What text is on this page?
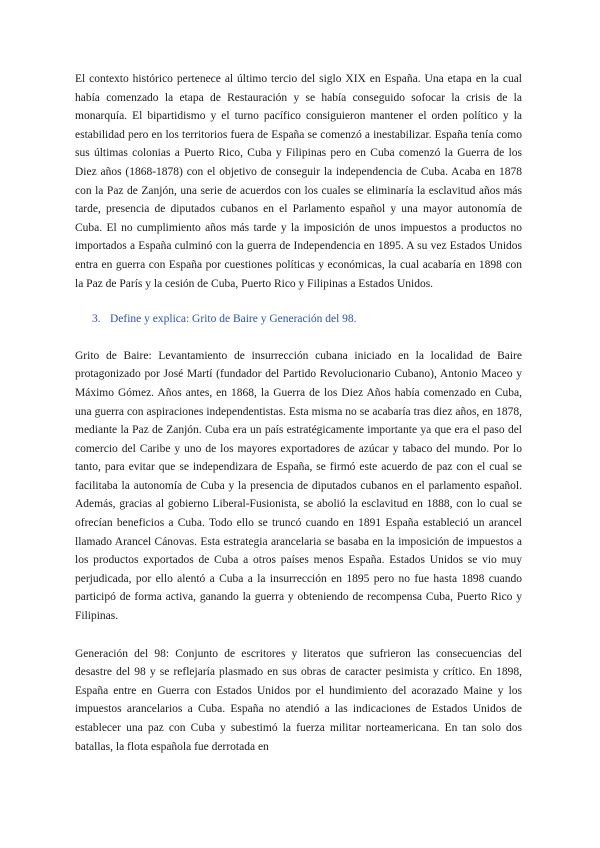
El contexto histórico pertenece al último tercio del siglo XIX en España. Una etapa en la cual había comenzado la etapa de Restauración y se había conseguido sofocar la crisis de la monarquía. El bipartidismo y el turno pacífico consiguieron mantener el orden político y la estabilidad pero en los territorios fuera de España se comenzó a inestabilizar. España tenía como sus últimas colonias a Puerto Rico, Cuba y Filipinas pero en Cuba comenzó la Guerra de los Diez años (1868-1878) con el objetivo de conseguir la independencia de Cuba. Acaba en 1878 con la Paz de Zanjón, una serie de acuerdos con los cuales se eliminaría la esclavitud años más tarde, presencia de diputados cubanos en el Parlamento español y una mayor autonomía de Cuba. El no cumplimiento años más tarde y la imposición de unos impuestos a productos no importados a España culminó con la guerra de Independencia en 1895. A su vez Estados Unidos entra en guerra con España por cuestiones políticas y económicas, la cual acabaría en 1898 con la Paz de París y la cesión de Cuba, Puerto Rico y Filipinas a Estados Unidos.

3. Define y explica: Grito de Baire y Generación del 98.

Grito de Baire: Levantamiento de insurrección cubana iniciado en la localidad de Baire protagonizado por José Martí (fundador del Partido Revolucionario Cubano), Antonio Maceo y Máximo Gómez. Años antes, en 1868, la Guerra de los Diez Años había comenzado en Cuba, una guerra con aspiraciones independentistas. Esta misma no se acabaría tras diez años, en 1878, mediante la Paz de Zanjón. Cuba era un país estratégicamente importante ya que era el paso del comercio del Caribe y uno de los mayores exportadores de azúcar y tabaco del mundo. Por lo tanto, para evitar que se independizara de España, se firmó este acuerdo de paz con el cual se facilitaba la autonomía de Cuba y la presencia de diputados cubanos en el parlamento español. Además, gracias al gobierno Liberal-Fusionista, se abolió la esclavitud en 1888, con lo cual se ofrecían beneficios a Cuba. Todo ello se truncó cuando en 1891 España estableció un arancel llamado Arancel Cánovas. Esta estrategia arancelaria se basaba en la imposición de impuestos a los productos exportados de Cuba a otros países menos España. Estados Unidos se vio muy perjudicada, por ello alentó a Cuba a la insurrección en 1895 pero no fue hasta 1898 cuando participó de forma activa, ganando la guerra y obteniendo de recompensa Cuba, Puerto Rico y Filipinas.

Generación del 98: Conjunto de escritores y literatos que sufrieron las consecuencias del desastre del 98 y se reflejaría plasmado en sus obras de caracter pesimista y crítico. En 1898, España entre en Guerra con Estados Unidos por el hundimiento del acorazado Maine y los impuestos arancelarios a Cuba. España no atendió a las indicaciones de Estados Unidos de establecer una paz con Cuba y subestimó la fuerza militar norteamericana. En tan solo dos batallas, la flota española fue derrotada en
